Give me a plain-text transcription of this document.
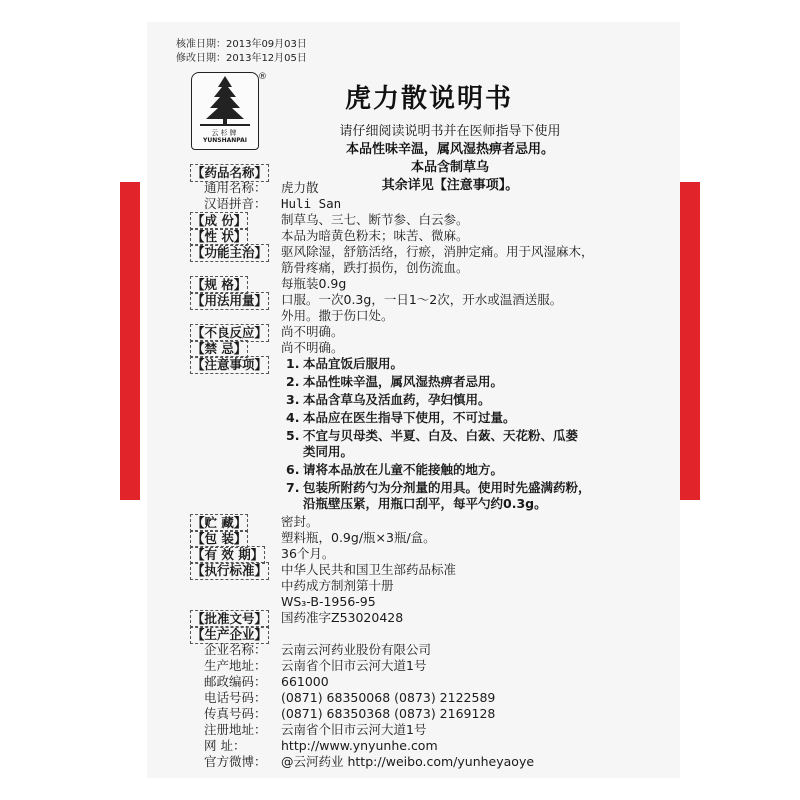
核准日期：2013年09月03日
修改日期：2013年12月05日
云杉牌
YUNSHANPAI
®
虎力散说明书
请仔细阅读说明书并在医师指导下使用
本品性味辛温，属风湿热痹者忌用。
本品含制草乌
其余详见【注意事项】。
【药品名称】
通用名称： 虎力散
汉语拼音： Huli San
【成 份】	制草乌、三七、断节参、白云参。
【性 状】	本品为暗黄色粉末；味苦、微麻。
【功能主治】 驱风除湿，舒筋活络，行瘀，消肿定痛。用于风湿麻木，
筋骨疼痛，跌打损伤，创伤流血。
【规 格】	每瓶装0.9g
【用法用量】 口服。一次0.3g，一日1～2次，开水或温酒送服。
外用。撒于伤口处。
【不良反应】 尚不明确。
【禁 忌】	尚不明确。
【注意事项】 1. 本品宜饭后服用。
2. 本品性味辛温，属风湿热痹者忌用。
3. 本品含草乌及活血药，孕妇慎用。
4. 本品应在医生指导下使用，不可过量。
5. 不宜与贝母类、半夏、白及、白蔹、天花粉、瓜蒌
类同用。
6. 请将本品放在儿童不能接触的地方。
7. 包装所附药勺为分剂量的用具。使用时先盛满药粉，
沿瓶壁压紧，用瓶口刮平，每平勺约0.3g。
【贮 藏】	密封。
【包 装】	塑料瓶，0.9g/瓶×3瓶/盒。
【有 效 期】 36个月。
【执行标准】 中华人民共和国卫生部药品标准
中药成方制剂第十册
WS₃-B-1956-95
【批准文号】 国药准字Z53020428
【生产企业】
企业名称： 云南云河药业股份有限公司
生产地址： 云南省个旧市云河大道1号
邮政编码： 661000
电话号码： (0871) 68350068 (0873) 2122589
传真号码： (0871) 68350368 (0873) 2169128
注册地址： 云南省个旧市云河大道1号
网 址：	http://www.ynyunhe.com
官方微博： @云河药业 http://weibo.com/yunheyaoye
